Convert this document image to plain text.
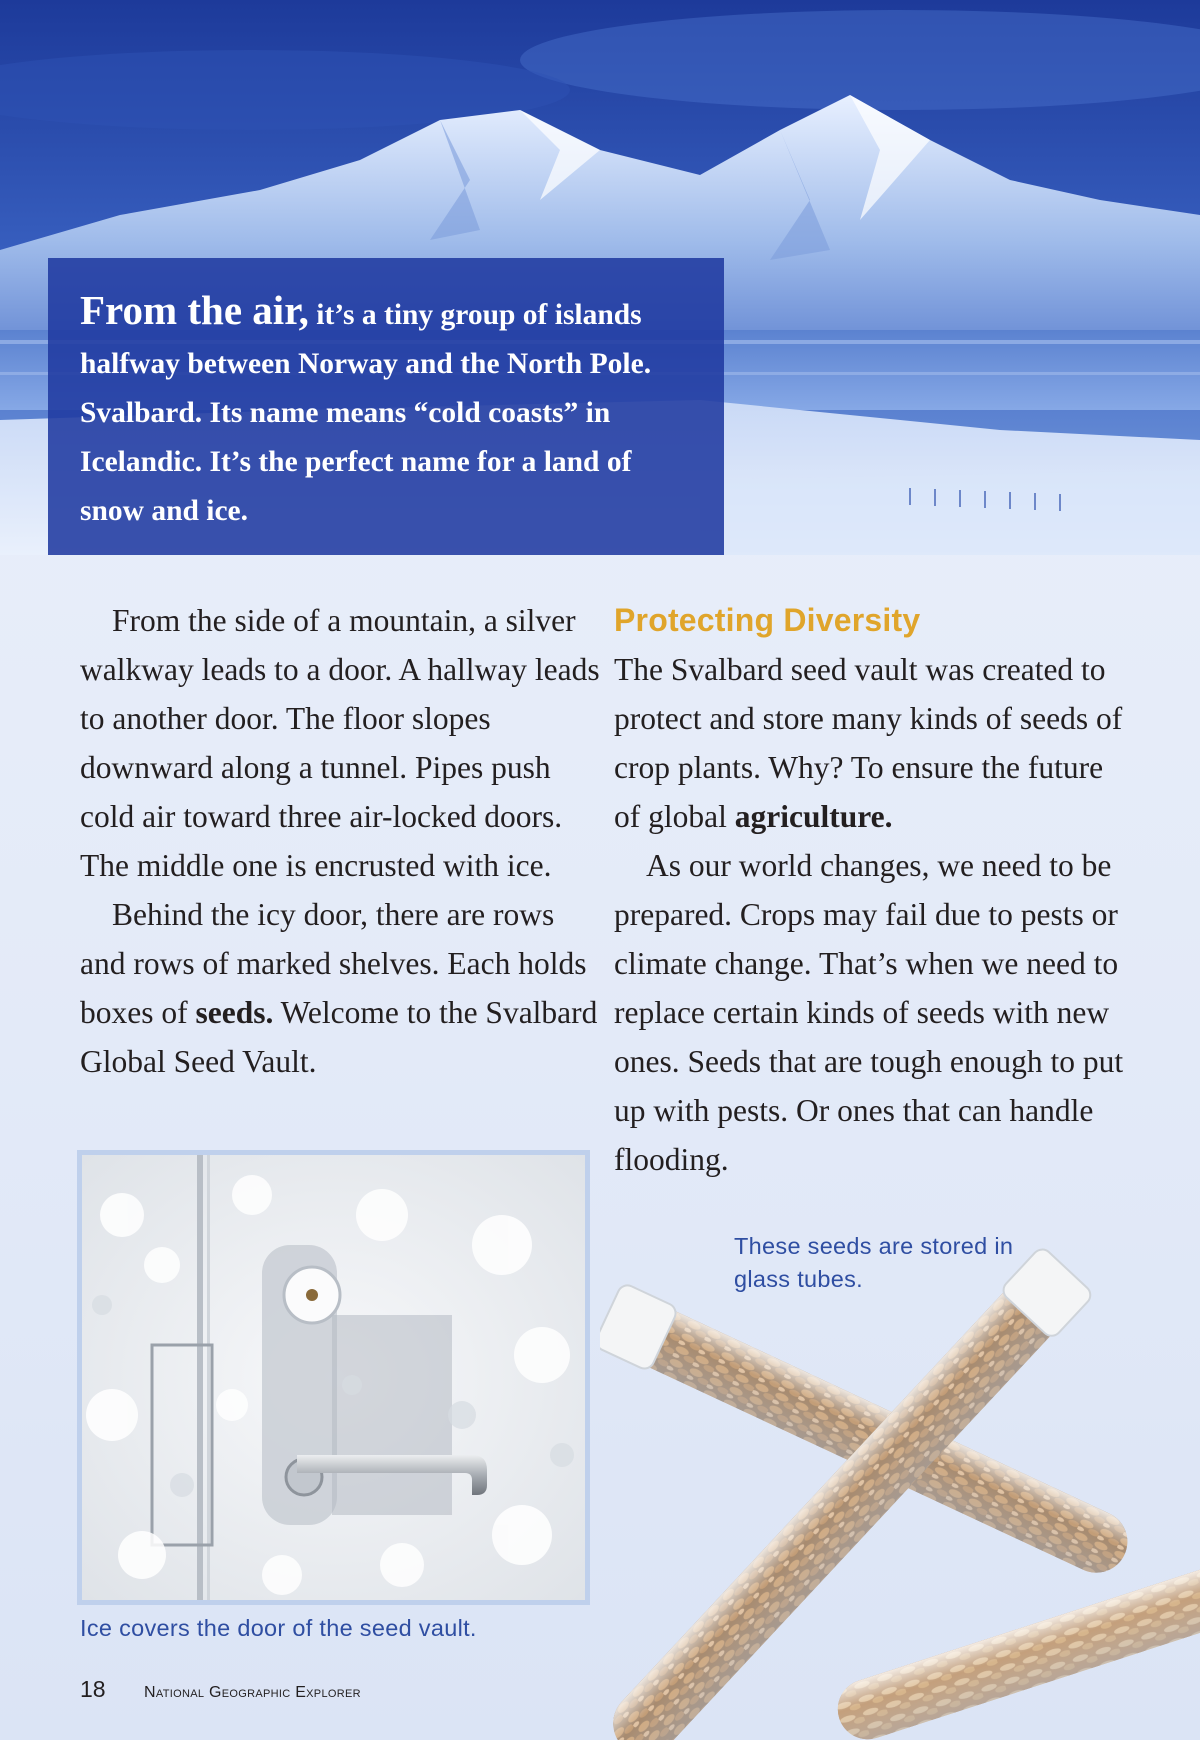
From the air, it’s a tiny group of islands halfway between Norway and the North Pole. Svalbard. Its name means “cold coasts” in Icelandic. It’s the perfect name for a land of snow and ice.

From the side of a mountain, a silver walkway leads to a door. A hallway leads to another door. The floor slopes downward along a tunnel. Pipes push cold air toward three air-locked doors. The middle one is encrusted with ice.

Behind the icy door, there are rows and rows of marked shelves. Each holds boxes of seeds. Welcome to the Svalbard Global Seed Vault.

Protecting Diversity

The Svalbard seed vault was created to protect and store many kinds of seeds of crop plants. Why? To ensure the future of global agriculture.

As our world changes, we need to be prepared. Crops may fail due to pests or climate change. That’s when we need to replace certain kinds of seeds with new ones. Seeds that are tough enough to put up with pests. Or ones that can handle flooding.

Ice covers the door of the seed vault.

These seeds are stored in glass tubes.

18 National Geographic Explorer
